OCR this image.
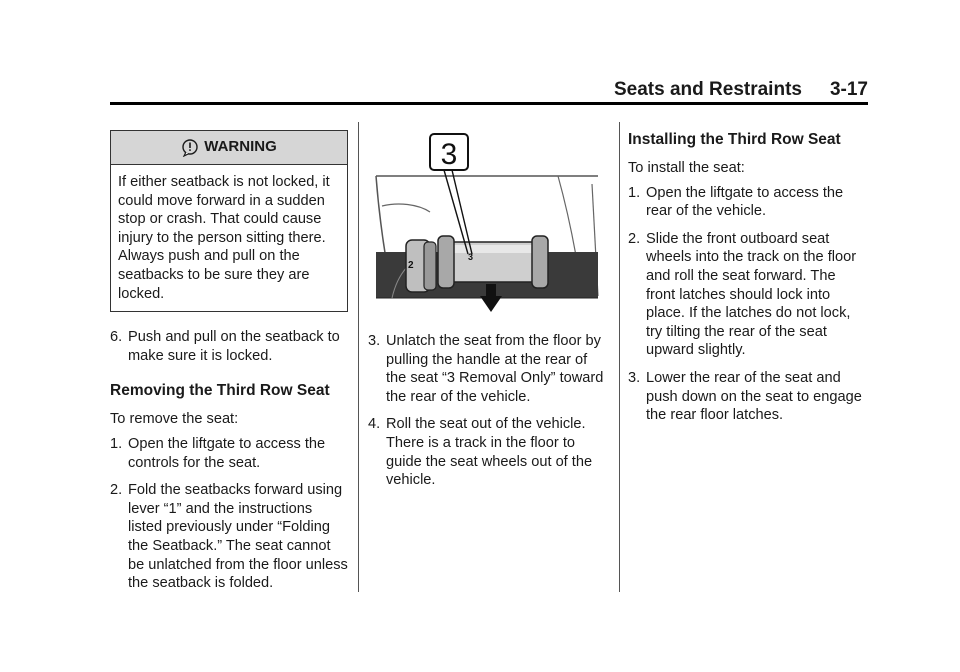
Seats and Restraints 3-17
WARNING
If either seatback is not locked, it could move forward in a sudden stop or crash. That could cause injury to the person sitting there. Always push and pull on the seatbacks to be sure they are locked.
6. Push and pull on the seatback to make sure it is locked.
Removing the Third Row Seat

To remove the seat:

1. Open the liftgate to access the controls for the seat.
2. Fold the seatbacks forward using lever “1” and the instructions listed previously under “Folding the Seatback.” The seat cannot be unlatched from the floor unless the seatback is folded.
2
3
3
3. Unlatch the seat from the floor by pulling the handle at the rear of the seat “3 Removal Only” toward the rear of the vehicle.
4. Roll the seat out of the vehicle. There is a track in the floor to guide the seat wheels out of the vehicle.
Installing the Third Row Seat

To install the seat:

1. Open the liftgate to access the rear of the vehicle.
2. Slide the front outboard seat wheels into the track on the floor and roll the seat forward. The front latches should lock into place. If the latches do not lock, try tilting the rear of the seat upward slightly.
3. Lower the rear of the seat and push down on the seat to engage the rear floor latches.
